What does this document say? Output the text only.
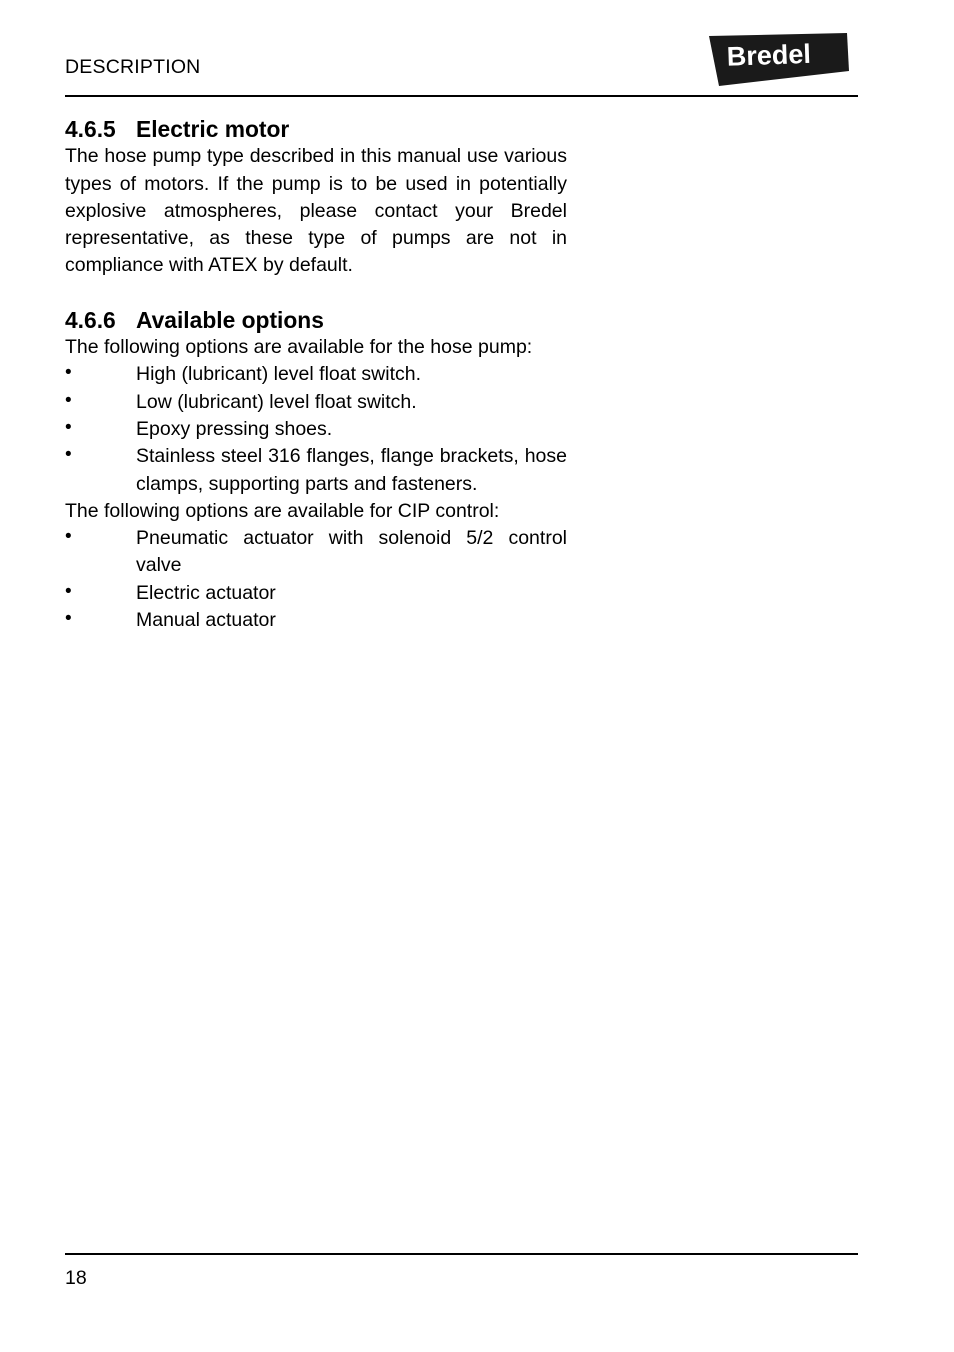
DESCRIPTION	Bredel
4.6.5 Electric motor

The hose pump type described in this manual use various types of motors. If the pump is to be used in potentially explosive atmospheres, please contact your Bredel representative, as these type of pumps are not in compliance with ATEX by default.

4.6.6 Available options

The following options are available for the hose pump:

•	High (lubricant) level float switch.
•	Low (lubricant) level float switch.
•	Epoxy pressing shoes.
•	Stainless steel 316 flanges, flange brackets, hose clamps, supporting parts and fasteners.

The following options are available for CIP control:

•	Pneumatic actuator with solenoid 5/2 control valve
•	Electric actuator
•	Manual actuator
18
